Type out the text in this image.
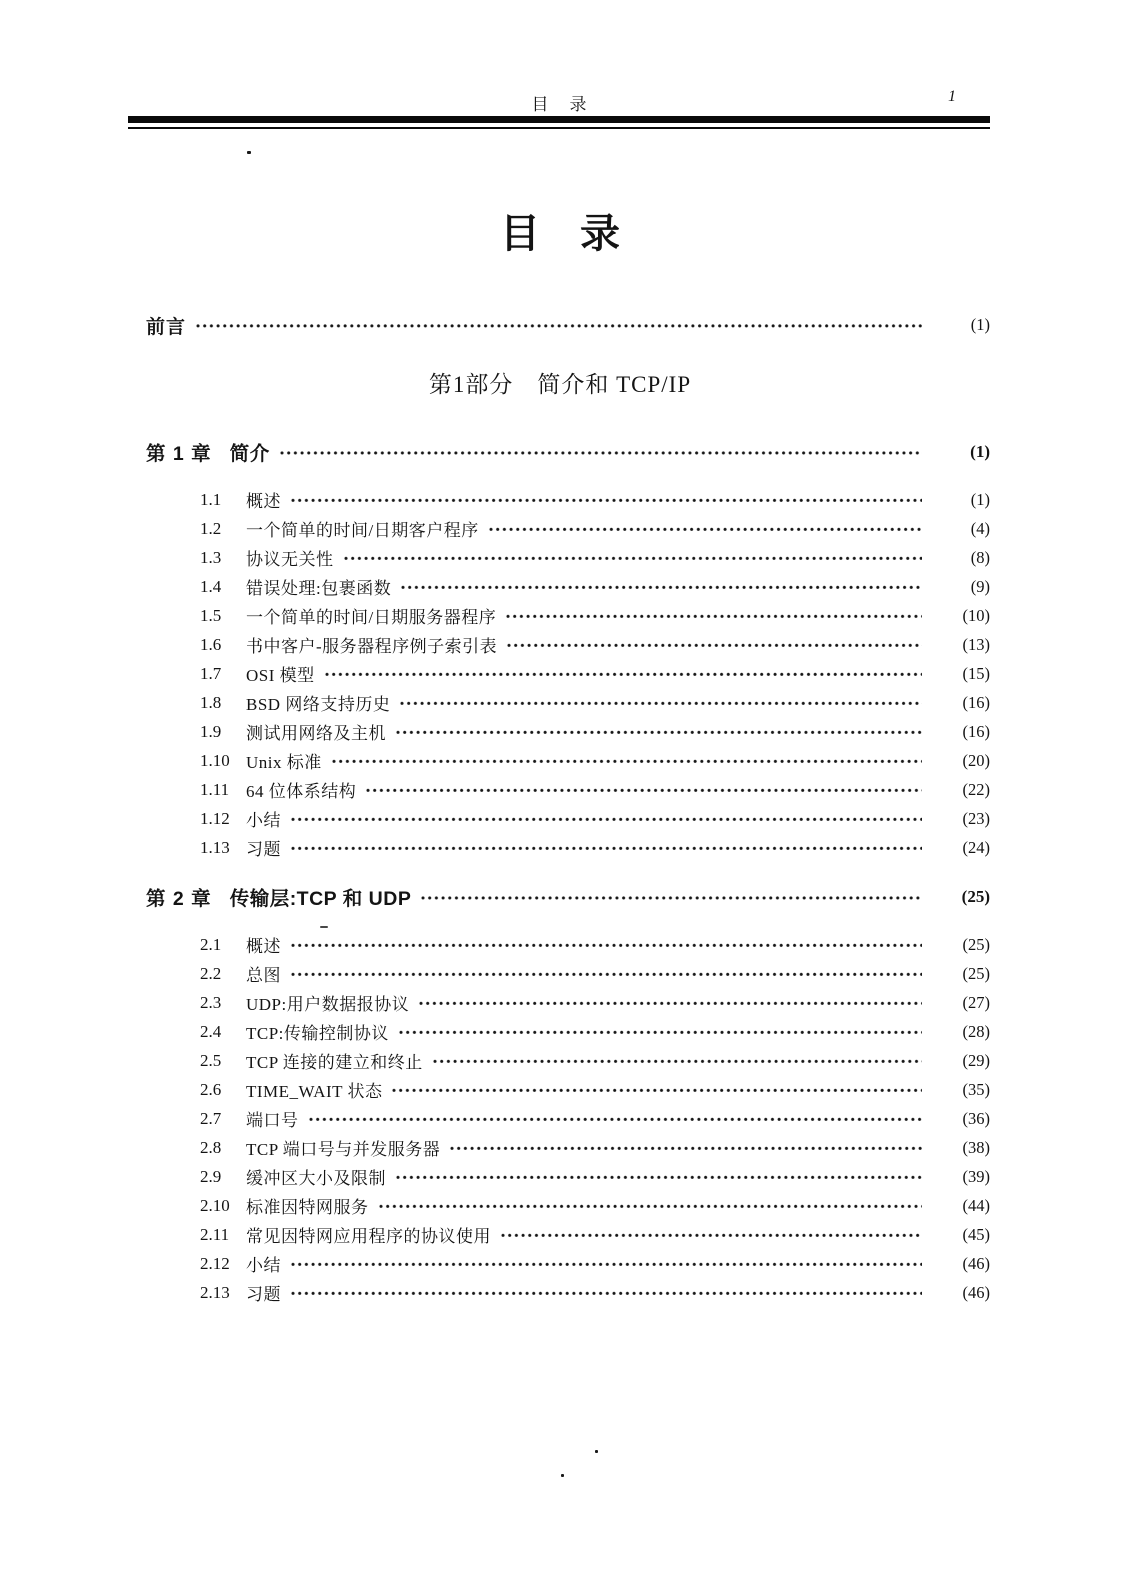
目　录	1
目　录
前言	(1)
第1部分　简介和 TCP/IP
第 1 章 简介	(1)
1.1	概述	(1)
1.2	一个简单的时间/日期客户程序	(4)
1.3	协议无关性	(8)
1.4	错误处理:包裹函数	(9)
1.5	一个简单的时间/日期服务器程序	(10)
1.6	书中客户-服务器程序例子索引表	(13)
1.7	OSI 模型	(15)
1.8	BSD 网络支持历史	(16)
1.9	测试用网络及主机	(16)
1.10 Unix 标准	(20)
1.11 64 位体系结构	(22)
1.12 小结	(23)
1.13 习题	(24)
第 2 章 传输层:TCP 和 UDP	(25)
2.1	概述	(25)
2.2	总图	(25)
2.3	UDP:用户数据报协议	(27)
2.4	TCP:传输控制协议	(28)
2.5	TCP 连接的建立和终止	(29)
2.6	TIME_WAIT 状态	(35)
2.7	端口号	(36)
2.8	TCP 端口号与并发服务器	(38)
2.9	缓冲区大小及限制	(39)
2.10 标准因特网服务	(44)
2.11 常见因特网应用程序的协议使用	(45)
2.12 小结	(46)
2.13 习题	(46)
